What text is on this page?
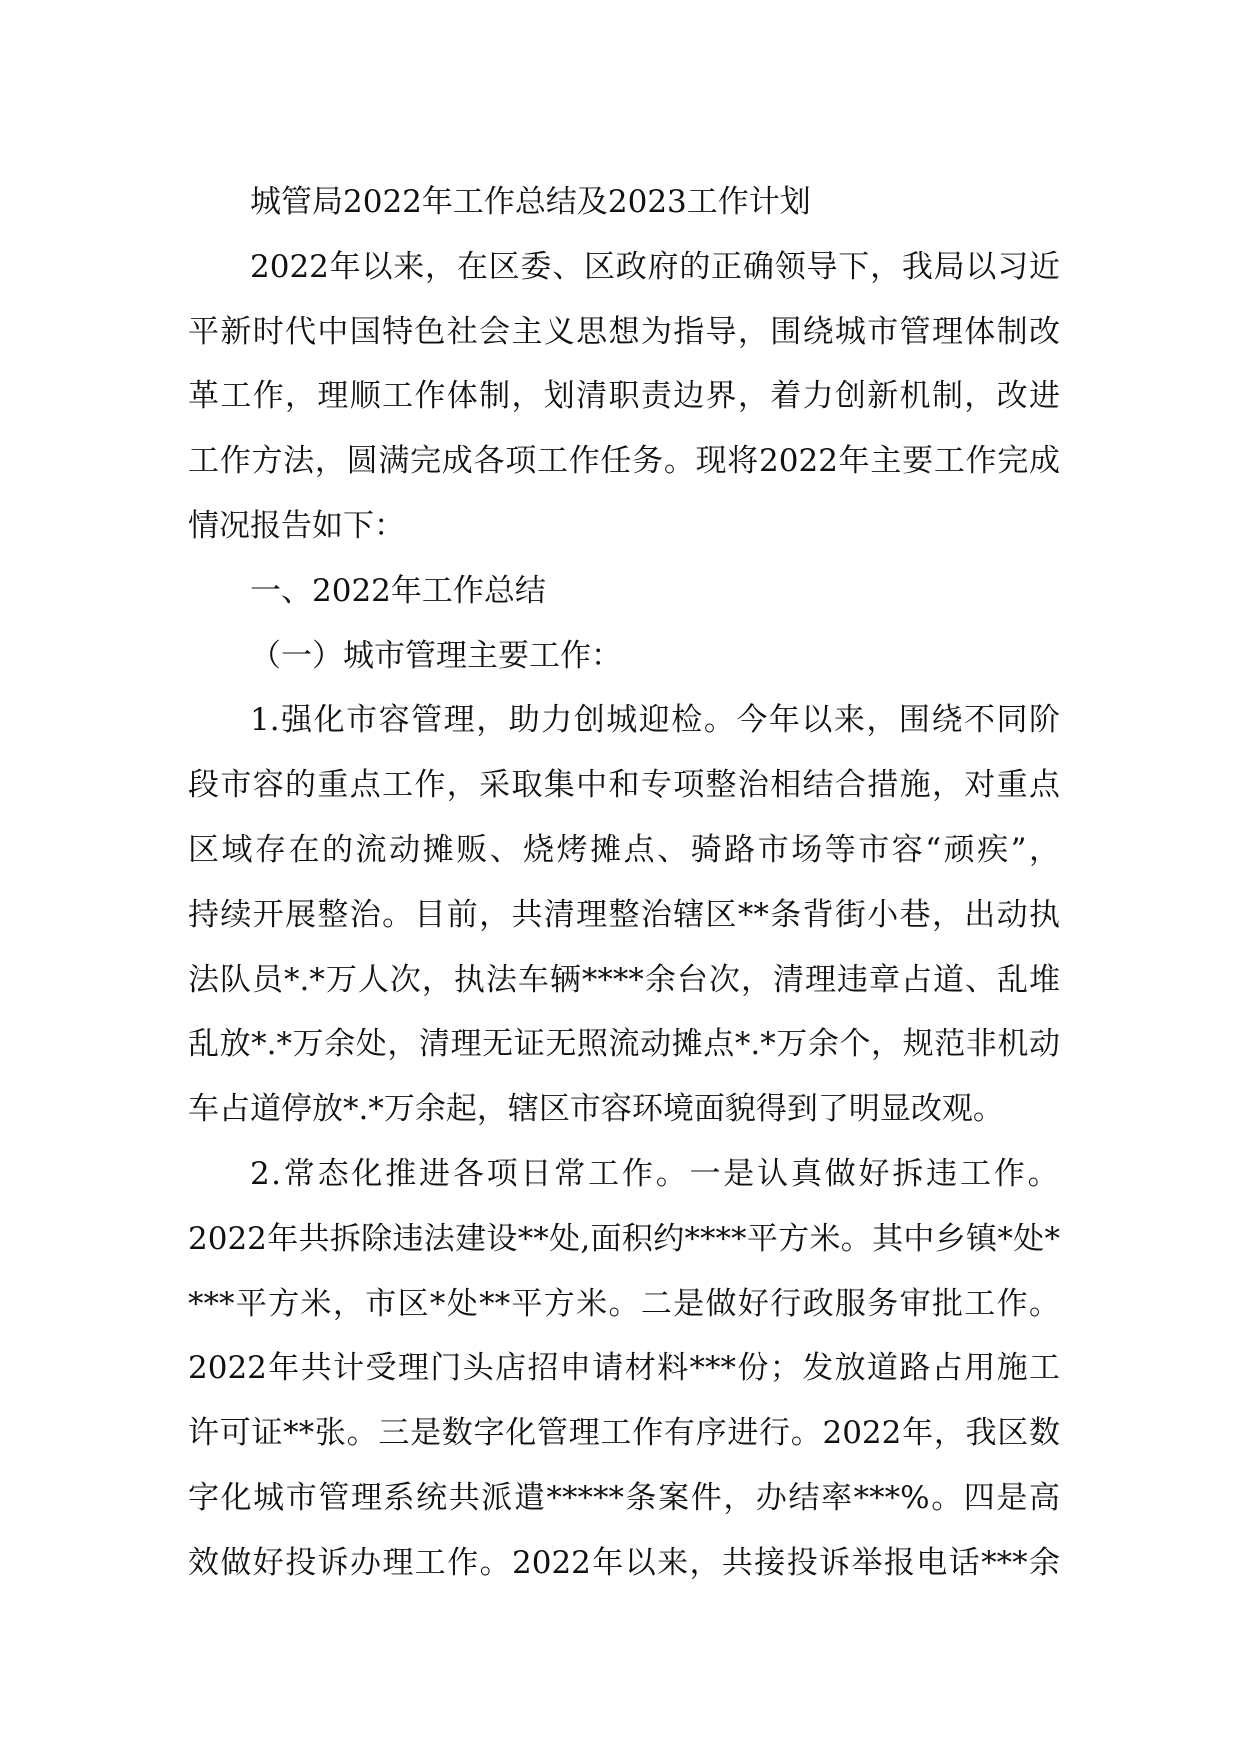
城管局2022年工作总结及2023工作计划
2022年以来，在区委、区政府的正确领导下，我局以习近
平新时代中国特色社会主义思想为指导，围绕城市管理体制改
革工作，理顺工作体制，划清职责边界，着力创新机制，改进
工作方法，圆满完成各项工作任务。现将2022年主要工作完成
情况报告如下：
一、2022年工作总结
（一）城市管理主要工作：
1.强化市容管理，助力创城迎检。今年以来，围绕不同阶
段市容的重点工作，采取集中和专项整治相结合措施，对重点
区域存在的流动摊贩、烧烤摊点、骑路市场等市容“顽疾”，
持续开展整治。目前，共清理整治辖区**条背街小巷，出动执
法队员*.*万人次，执法车辆****余台次，清理违章占道、乱堆
乱放*.*万余处，清理无证无照流动摊点*.*万余个，规范非机动
车占道停放*.*万余起，辖区市容环境面貌得到了明显改观。
2.常态化推进各项日常工作。一是认真做好拆违工作。
2022年共拆除违法建设**处,面积约****平方米。其中乡镇*处*
***平方米，市区*处**平方米。二是做好行政服务审批工作。
2022年共计受理门头店招申请材料***份；发放道路占用施工
许可证**张。三是数字化管理工作有序进行。2022年，我区数
字化城市管理系统共派遣*****条案件，办结率***%。四是高
效做好投诉办理工作。2022年以来，共接投诉举报电话***余
